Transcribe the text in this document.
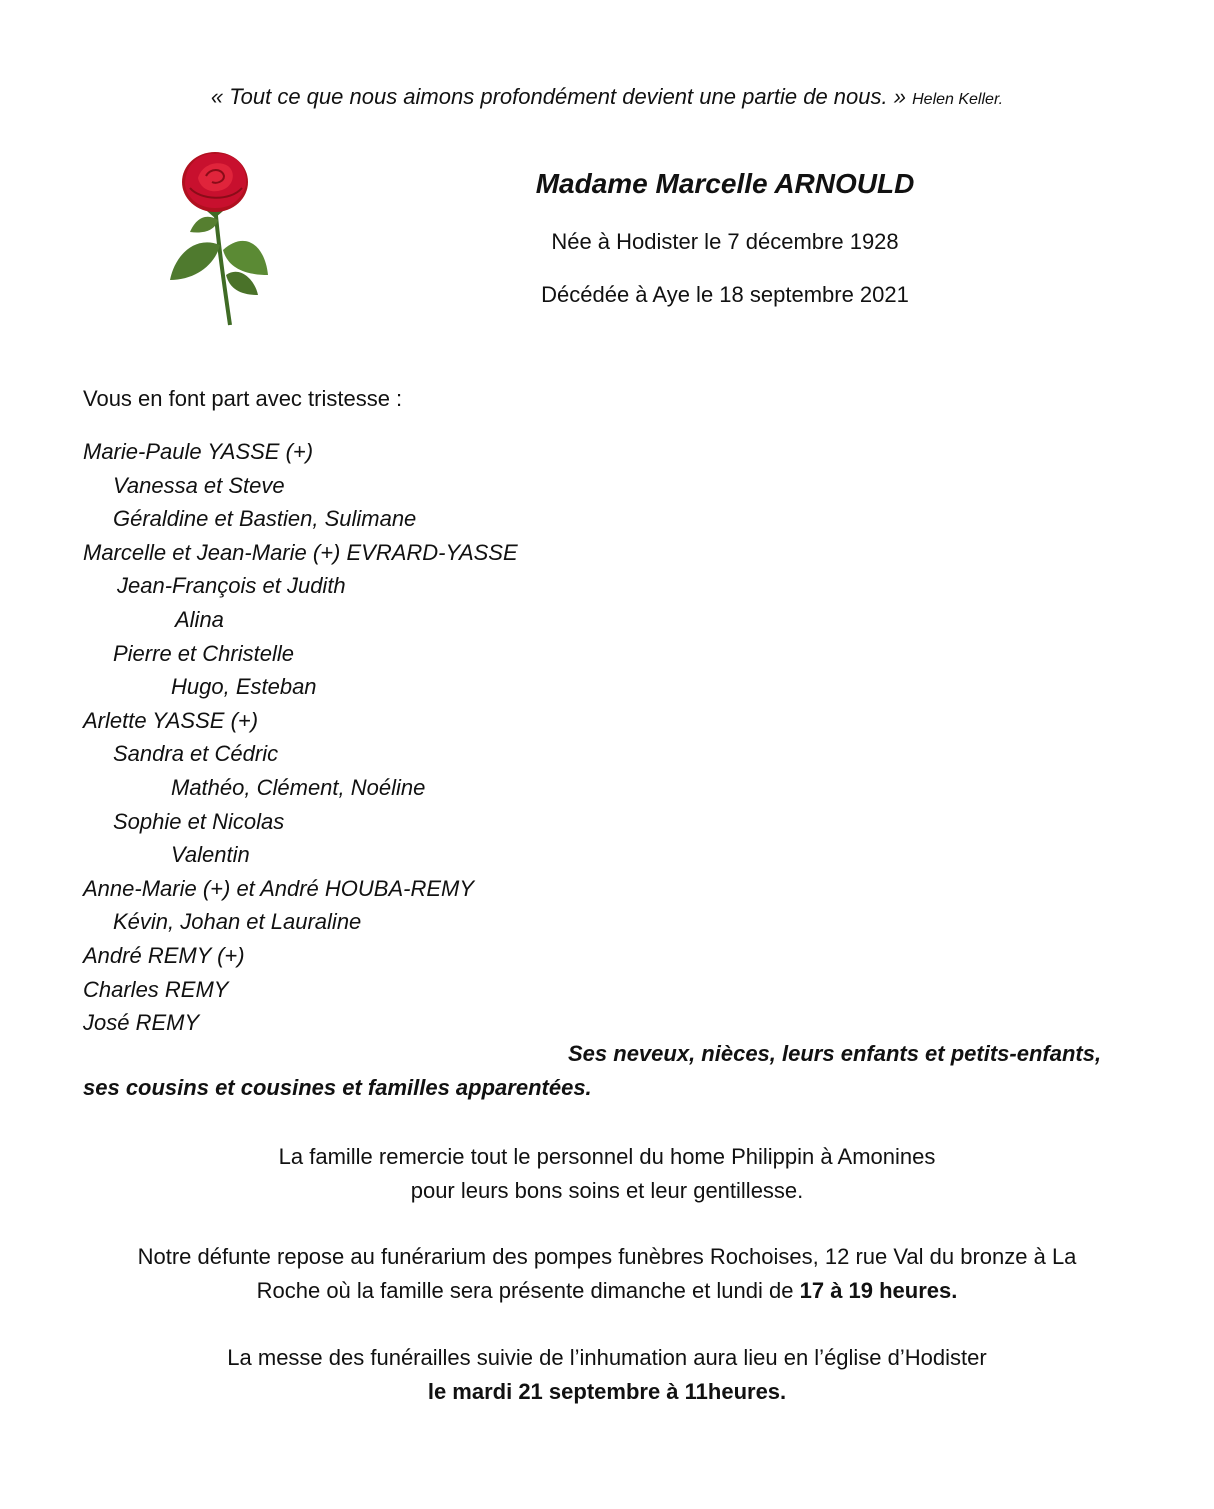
« Tout ce que nous aimons profondément devient une partie de nous. » Helen Keller.
Madame Marcelle ARNOULD
Née à Hodister le 7 décembre 1928
Décédée à Aye le 18 septembre 2021
Vous en font part avec tristesse :
Marie-Paule YASSE (+)
Vanessa et Steve
Géraldine et Bastien, Sulimane
Marcelle et Jean-Marie (+) EVRARD-YASSE
Jean-François et Judith
Alina
Pierre et Christelle
Hugo, Esteban
Arlette YASSE (+)
Sandra et Cédric
Mathéo, Clément, Noéline
Sophie et Nicolas
Valentin
Anne-Marie (+) et André HOUBA-REMY
Kévin, Johan et Lauraline
André REMY (+)
Charles REMY
José REMY
Ses neveux, nièces, leurs enfants et petits-enfants,
ses cousins et cousines et familles apparentées.
La famille remercie tout le personnel du home Philippin à Amonines
pour leurs bons soins et leur gentillesse.
Notre défunte repose au funérarium des pompes funèbres Rochoises, 12 rue Val du bronze à La
Roche où la famille sera présente dimanche et lundi de 17 à 19 heures.
La messe des funérailles suivie de l’inhumation aura lieu en l’église d’Hodister
le mardi 21 septembre à 11heures.
